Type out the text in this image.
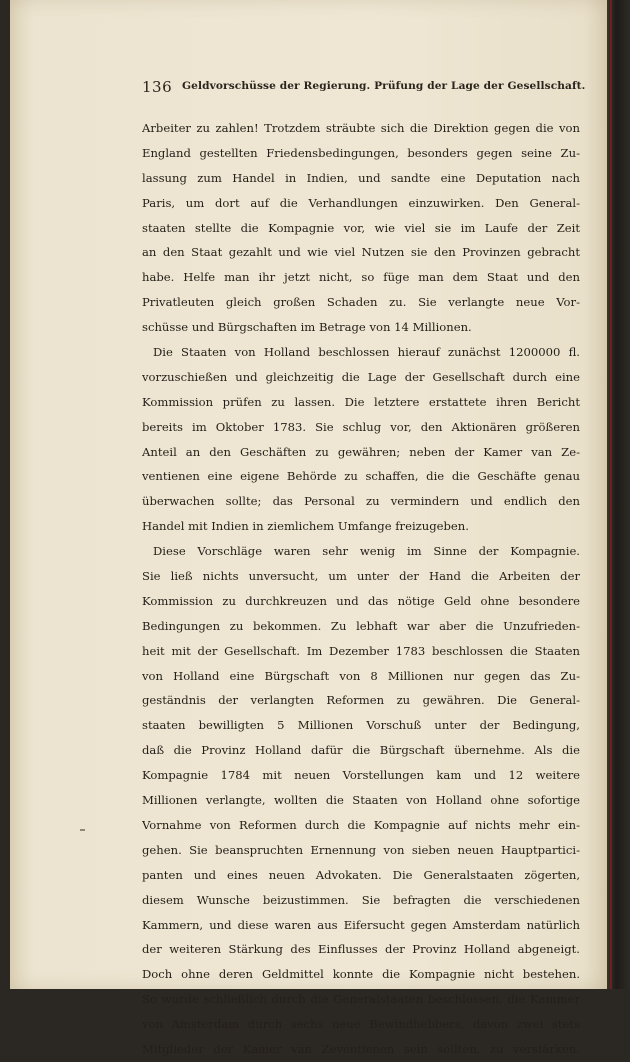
136 Geldvorschüsse der Regierung. Prüfung der Lage der Gesellschaft.
Arbeiter zu zahlen! Trotzdem sträubte sich die Direktion gegen die von
England gestellten Friedensbedingungen, besonders gegen seine Zu-
lassung zum Handel in Indien, und sandte eine Deputation nach
Paris, um dort auf die Verhandlungen einzuwirken. Den General-
staaten stellte die Kompagnie vor, wie viel sie im Laufe der Zeit
an den Staat gezahlt und wie viel Nutzen sie den Provinzen gebracht
habe. Helfe man ihr jetzt nicht, so füge man dem Staat und den
Privatleuten gleich großen Schaden zu. Sie verlangte neue Vor-
schüsse und Bürgschaften im Betrage von 14 Millionen.
Die Staaten von Holland beschlossen hierauf zunächst 1200000 fl.
vorzuschießen und gleichzeitig die Lage der Gesellschaft durch eine
Kommission prüfen zu lassen. Die letztere erstattete ihren Bericht
bereits im Oktober 1783. Sie schlug vor, den Aktionären größeren
Anteil an den Geschäften zu gewähren; neben der Kamer van Ze-
ventienen eine eigene Behörde zu schaffen, die die Geschäfte genau
überwachen sollte; das Personal zu vermindern und endlich den
Handel mit Indien in ziemlichem Umfange freizugeben.
Diese Vorschläge waren sehr wenig im Sinne der Kompagnie.
Sie ließ nichts unversucht, um unter der Hand die Arbeiten der
Kommission zu durchkreuzen und das nötige Geld ohne besondere
Bedingungen zu bekommen. Zu lebhaft war aber die Unzufrieden-
heit mit der Gesellschaft. Im Dezember 1783 beschlossen die Staaten
von Holland eine Bürgschaft von 8 Millionen nur gegen das Zu-
geständnis der verlangten Reformen zu gewähren. Die General-
staaten bewilligten 5 Millionen Vorschuß unter der Bedingung,
daß die Provinz Holland dafür die Bürgschaft übernehme. Als die
Kompagnie 1784 mit neuen Vorstellungen kam und 12 weitere
Millionen verlangte, wollten die Staaten von Holland ohne sofortige
Vornahme von Reformen durch die Kompagnie auf nichts mehr ein-
gehen. Sie beanspruchten Ernennung von sieben neuen Hauptpartici-
panten und eines neuen Advokaten. Die Generalstaaten zögerten,
diesem Wunsche beizustimmen. Sie befragten die verschiedenen
Kammern, und diese waren aus Eifersucht gegen Amsterdam natürlich
der weiteren Stärkung des Einflusses der Provinz Holland abgeneigt.
Doch ohne deren Geldmittel konnte die Kompagnie nicht bestehen.
So wurde schließlich durch die Generalstaaten beschlossen, die Kammer
von Amsterdam durch sechs neue Bewindhebbers, davon zwei stets
Mitglieder der Kamer van Zeventienen sein sollten, zu verstärken.
